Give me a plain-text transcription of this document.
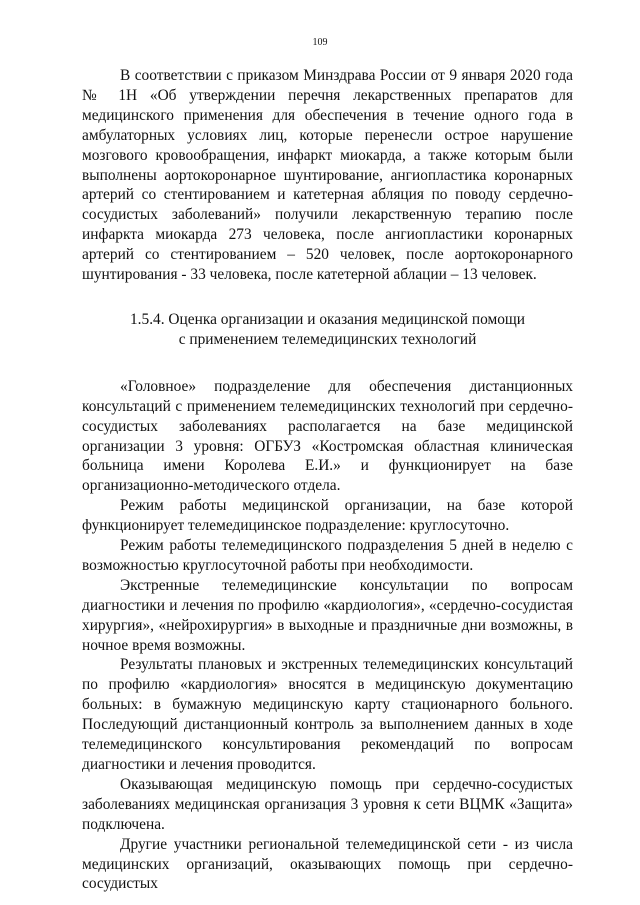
109

В соответствии с приказом Минздрава России от 9 января 2020 года № 1Н «Об утверждении перечня лекарственных препаратов для медицинского применения для обеспечения в течение одного года в амбулаторных условиях лиц, которые перенесли острое нарушение мозгового кровообращения, инфаркт миокарда, а также которым были выполнены аортокоронарное шунтирование, ангиопластика коронарных артерий со стентированием и катетерная абляция по поводу сердечно-сосудистых заболеваний» получили лекарственную терапию после инфаркта миокарда 273 человека, после ангиопластики коронарных артерий со стентированием – 520 человек, после аортокоронарного шунтирования - 33 человека, после катетерной аблации – 13 человек.

1.5.4. Оценка организации и оказания медицинской помощи
с применением телемедицинских технологий

«Головное» подразделение для обеспечения дистанционных консультаций с применением телемедицинских технологий при сердечно-сосудистых заболеваниях располагается на базе медицинской организации 3 уровня: ОГБУЗ «Костромская областная клиническая больница имени Королева Е.И.» и функционирует на базе организационно-методического отдела.

Режим работы медицинской организации, на базе которой функционирует телемедицинское подразделение: круглосуточно.

Режим работы телемедицинского подразделения 5 дней в неделю с возможностью круглосуточной работы при необходимости.

Экстренные телемедицинские консультации по вопросам диагностики и лечения по профилю «кардиология», «сердечно-сосудистая хирургия», «нейрохирургия» в выходные и праздничные дни возможны, в ночное время возможны.

Результаты плановых и экстренных телемедицинских консультаций по профилю «кардиология» вносятся в медицинскую документацию больных: в бумажную медицинскую карту стационарного больного. Последующий дистанционный контроль за выполнением данных в ходе телемедицинского консультирования рекомендаций по вопросам диагностики и лечения проводится.

Оказывающая медицинскую помощь при сердечно-сосудистых заболеваниях медицинская организация 3 уровня к сети ВЦМК «Защита» подключена.

Другие участники региональной телемедицинской сети - из числа медицинских организаций, оказывающих помощь при сердечно-сосудистых
